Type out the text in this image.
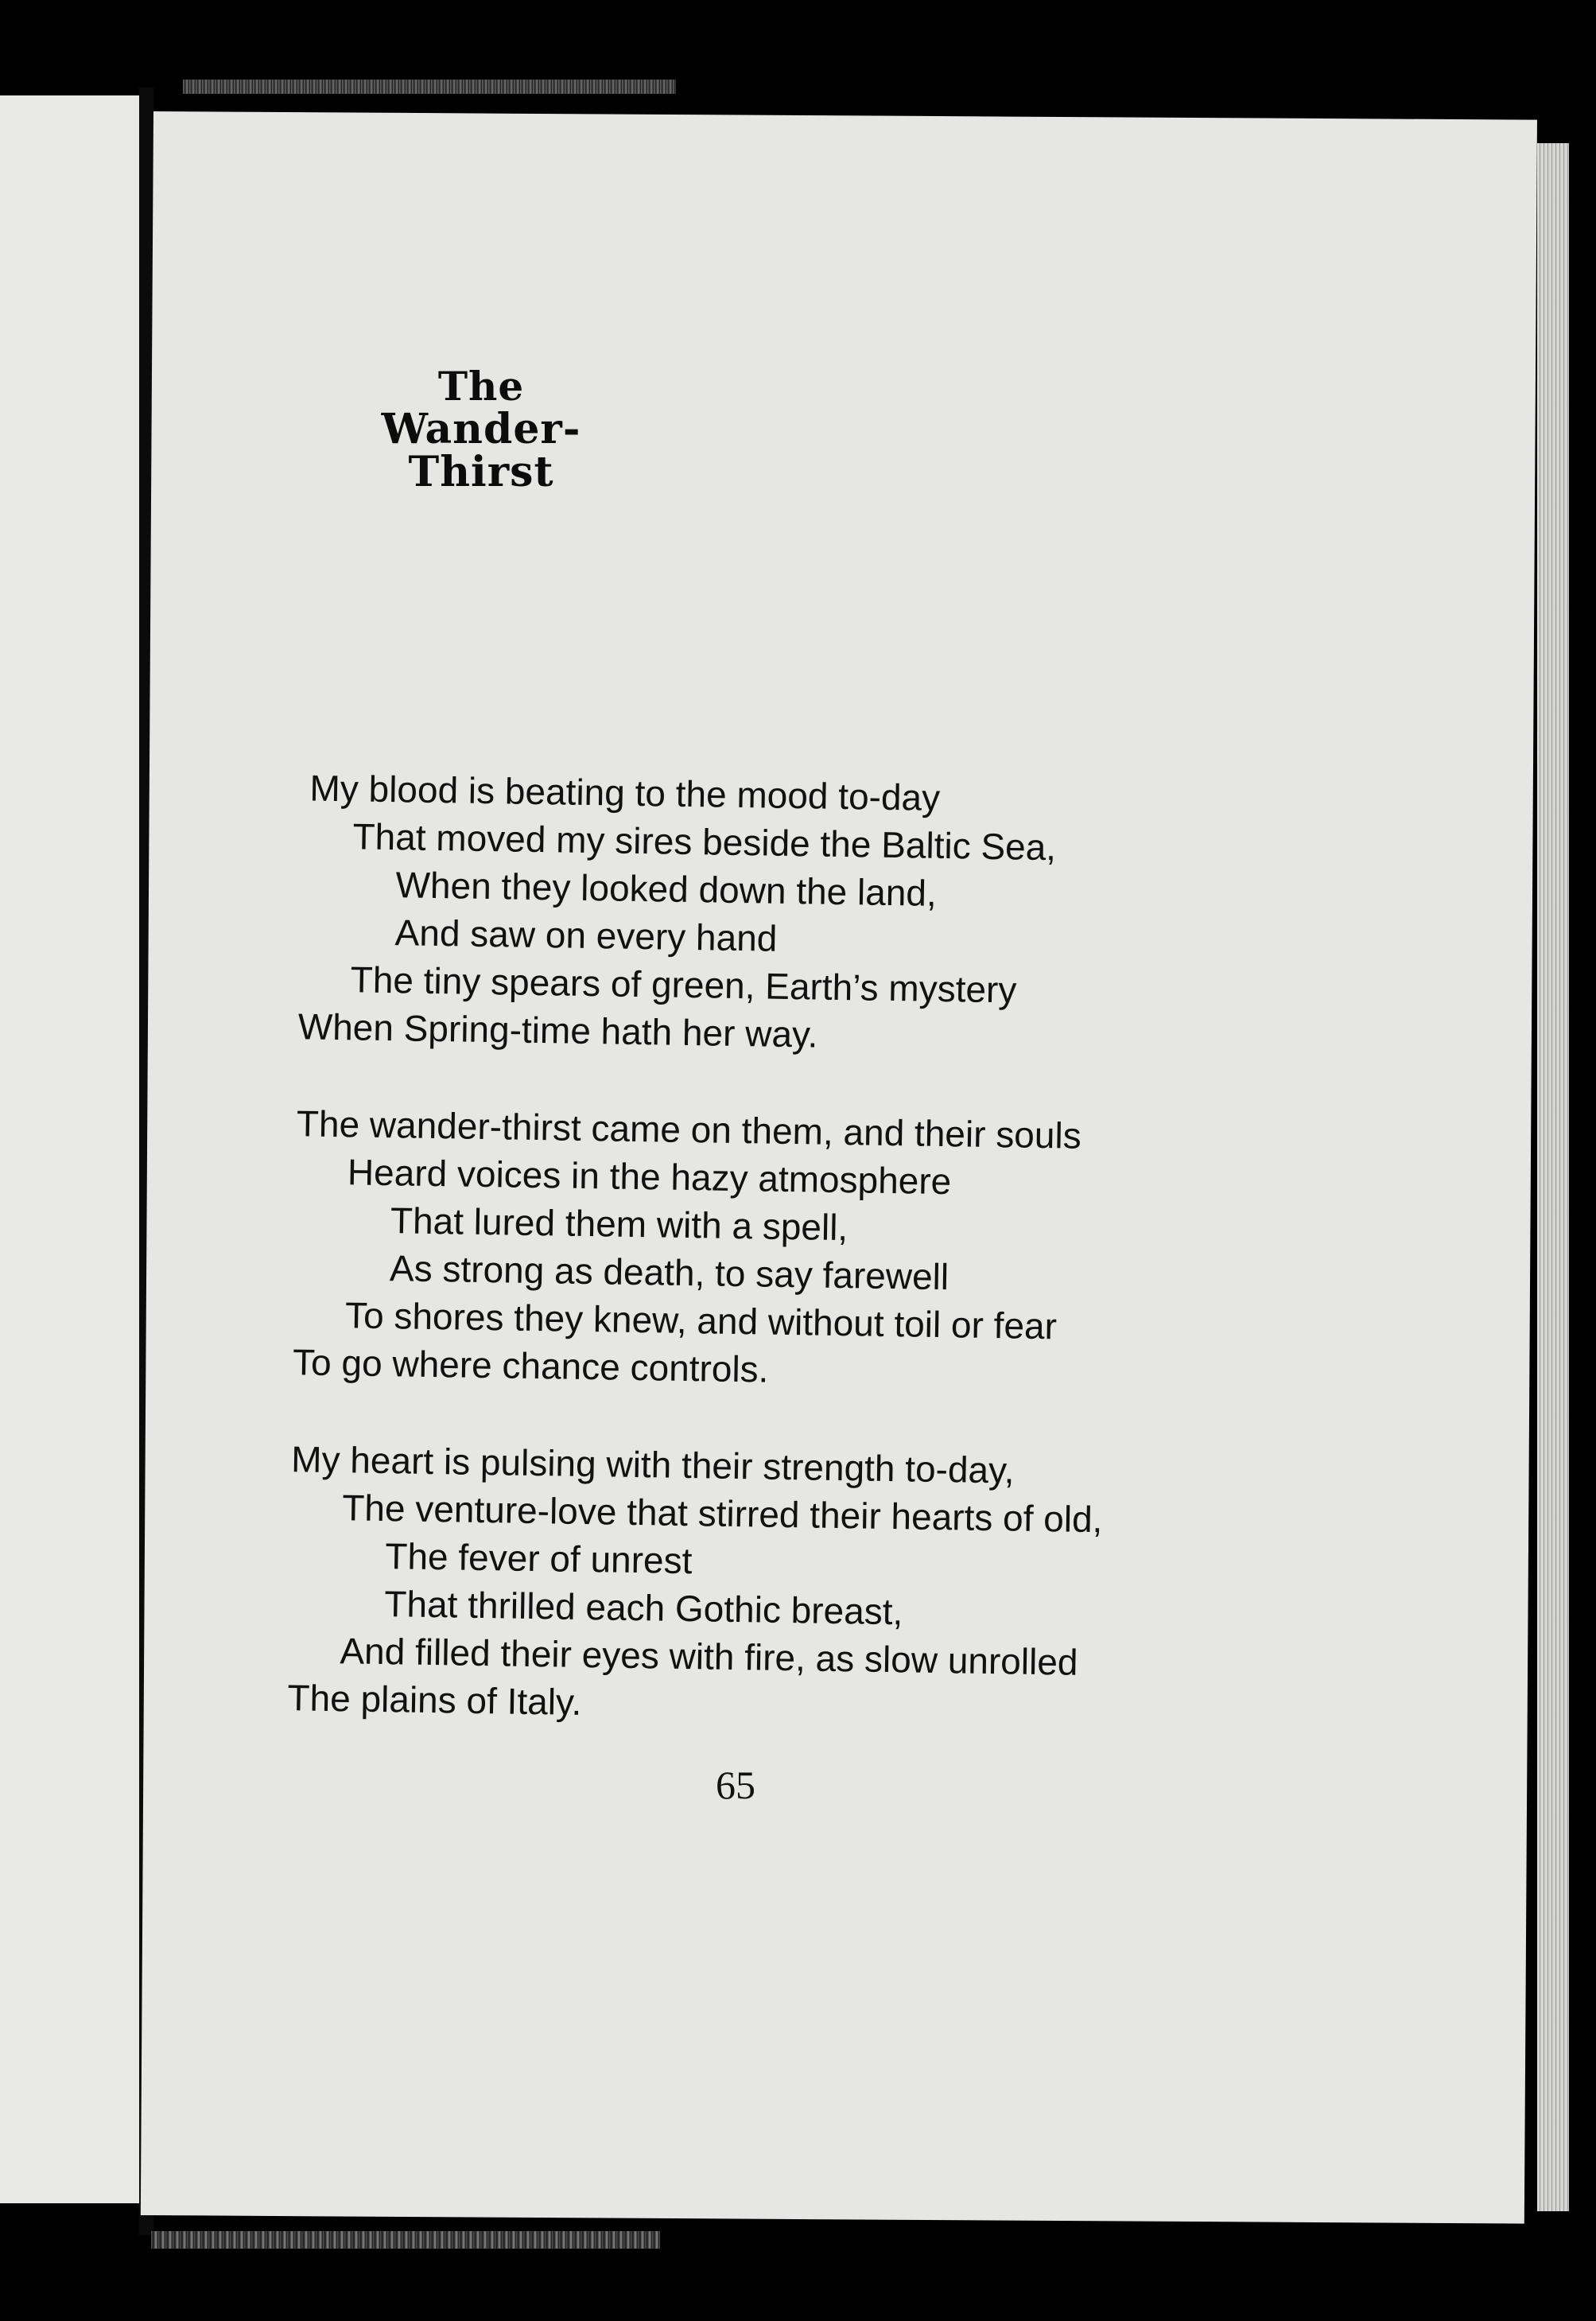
The
Wander-Thirst
My blood is beating to the mood to-day
That moved my sires beside the Baltic Sea,
When they looked down the land,
And saw on every hand
The tiny spears of green, Earth’s mystery
When Spring-time hath her way.
The wander-thirst came on them, and their souls
Heard voices in the hazy atmosphere
That lured them with a spell,
As strong as death, to say farewell
To shores they knew, and without toil or fear
To go where chance controls.
My heart is pulsing with their strength to-day,
The venture-love that stirred their hearts of old,
The fever of unrest
That thrilled each Gothic breast,
And filled their eyes with fire, as slow unrolled
The plains of Italy.
65
